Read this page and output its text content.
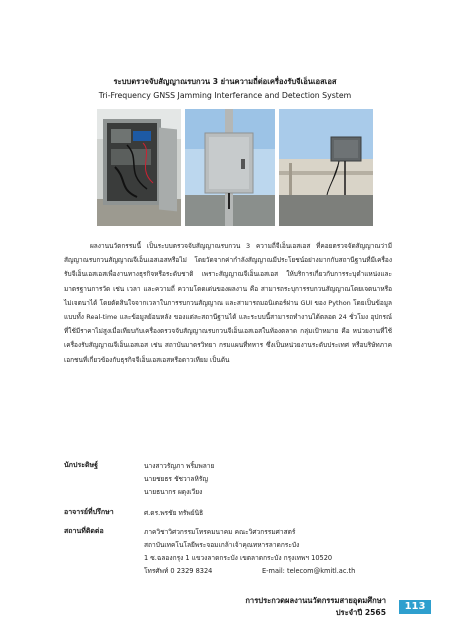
ระบบตรวจจับสัญญาณรบกวน 3 ย่านความถี่ต่อเครื่องรับจีเอ็นเอสเอส
Tri-Frequency GNSS Jamming Interferance and Detection System

ผลงานนวัตกรรมนี้ เป็นระบบตรวจจับสัญญาณรบกวน 3 ความถี่จีเอ็นเอสเอส ที่คอยตรวจจัดสัญญาณว่ามีสัญญาณรบกวนสัญญาณจีเอ็นเอสเอสหรือไม่ โดยวัดจากค่ากำลังสัญญาณมีประโยชน์อย่างมากกับสถานีฐานที่มีเครื่องรับจีเอ็นเอสเอสเพื่องานทางธุรกิจหรือระดับชาติ เพราะสัญญาณจีเอ็นเอสเอส ให้บริการเกี่ยวกับการระบุตำแหน่งและมาตรฐานการวัด เช่น เวลา และความถี่ ความโดดเด่นของผลงาน คือ สามารถระบุการรบกวนสัญญาณโดยเจตนาหรือไม่เจตนาได้ โดยตัดสินใจจากเวลาในการรบกวนสัญญาณ และสามารถมอนิเตอร์ผ่าน GUI ของ Python โดยเป็นข้อมูลแบบทั้ง Real-time และข้อมูลย้อนหลัง ของแต่ละสถานีฐานได้ และระบบนี้สามารถทำงานได้ตลอด 24 ชั่วโมง อุปกรณ์ที่ใช้มีราคาไม่สูงเมื่อเทียบกับเครื่องตรวจจับสัญญาณรบกวนจีเอ็นเอสเอสในท้องตลาด กลุ่มเป้าหมาย คือ หน่วยงานที่ใช้เครื่องรับสัญญาณจีเอ็นเอสเอส เช่น สถาบันมาตรวิทยา กรมแผนที่ทหาร ซึ่งเป็นหน่วยงานระดับประเทศ หรือบริษัทภาคเอกชนที่เกี่ยวข้องกับธุรกิจจีเอ็นเอสเอสหรือดาวเทียม เป็นต้น

นักประดิษฐ์	นางสาวรัญภา พริ้มพลาย
นายชยธร ชัชวาลหิรัญ
นายธนากร ผดุงเวียง
อาจารย์ที่ปรึกษา	ศ.ดร.พรชัย ทรัพย์นิธิ
สถานที่ติดต่อ	ภาควิชาวิศวกรรมโทรคมนาคม คณะวิศวกรรมศาสตร์
สถาบันเทคโนโลยีพระจอมเกล้าเจ้าคุณทหารลาดกระบัง
1 ซ.ฉลองกรุง 1 แขวงลาดกระบัง เขตลาดกระบัง กรุงเทพฯ 10520
โทรศัพท์ 0 2329 8324	E-mail: telecom@kmitl.ac.th
การประกวดผลงานนวัตกรรมสายอุดมศึกษา
ประจำปี 2565
113
